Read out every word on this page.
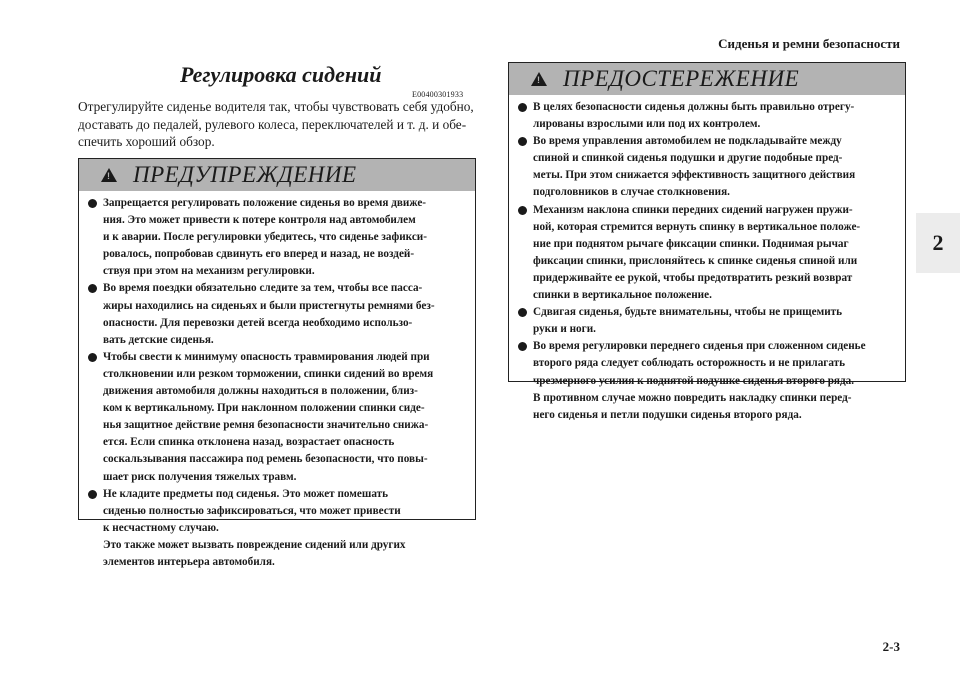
Сиденья и ремни безопасности
2
Регулировка сидений
E00400301933
Отрегулируйте сиденье водителя так, чтобы чувствовать себя удобно,
доставать до педалей, рулевого колеса, переключателей и т. д. и обе-
спечить хороший обзор.
! ПРЕДУПРЕЖДЕНИЕ
Запрещается регулировать положение сиденья во время движе-
ния. Это может привести к потере контроля над автомобилем
и к аварии. После регулировки убедитесь, что сиденье зафикси-
ровалось, попробовав сдвинуть его вперед и назад, не воздей-
ствуя при этом на механизм регулировки.
Во время поездки обязательно следите за тем, чтобы все пасса-
жиры находились на сиденьях и были пристегнуты ремнями без-
опасности. Для перевозки детей всегда необходимо использо-
вать детские сиденья.
Чтобы свести к минимуму опасность травмирования людей при
столкновении или резком торможении, спинки сидений во время
движения автомобиля должны находиться в положении, близ-
ком к вертикальному. При наклонном положении спинки сиде-
нья защитное действие ремня безопасности значительно снижа-
ется. Если спинка отклонена назад, возрастает опасность
соскальзывания пассажира под ремень безопасности, что повы-
шает риск получения тяжелых травм.
Не кладите предметы под сиденья. Это может помешать
сиденью полностью зафиксироваться, что может привести
к несчастному случаю.
Это также может вызвать повреждение сидений или других
элементов интерьера автомобиля.
! ПРЕДОСТЕРЕЖЕНИЕ
В целях безопасности сиденья должны быть правильно отрегу-
лированы взрослыми или под их контролем.
Во время управления автомобилем не подкладывайте между
спиной и спинкой сиденья подушки и другие подобные пред-
меты. При этом снижается эффективность защитного действия
подголовников в случае столкновения.
Механизм наклона спинки передних сидений нагружен пружи-
ной, которая стремится вернуть спинку в вертикальное положе-
ние при поднятом рычаге фиксации спинки. Поднимая рычаг
фиксации спинки, прислоняйтесь к спинке сиденья спиной или
придерживайте ее рукой, чтобы предотвратить резкий возврат
спинки в вертикальное положение.
Сдвигая сиденья, будьте внимательны, чтобы не прищемить
руки и ноги.
Во время регулировки переднего сиденья при сложенном сиденье
второго ряда следует соблюдать осторожность и не прилагать
чрезмерного усилия к поднятой подушке сиденья второго ряда.
В противном случае можно повредить накладку спинки перед-
него сиденья и петли подушки сиденья второго ряда.
2-3
